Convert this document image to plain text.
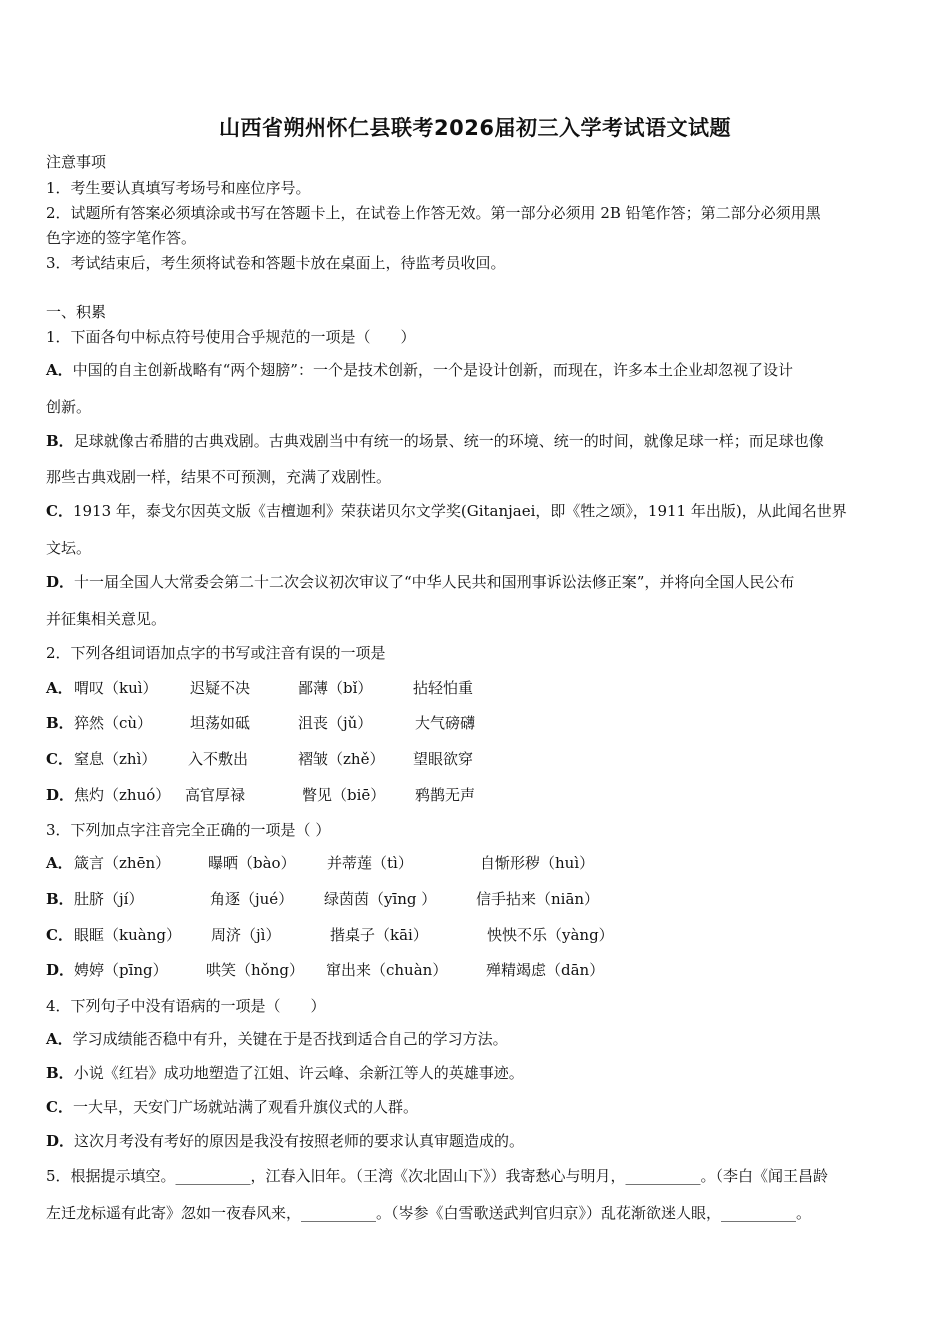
山西省朔州怀仁县联考2026届初三入学考试语文试题
注意事项
1．考生要认真填写考场号和座位序号。
2．试题所有答案必须填涂或书写在答题卡上，在试卷上作答无效。第一部分必须用 2B 铅笔作答；第二部分必须用黑
色字迹的签字笔作答。
3．考试结束后，考生须将试卷和答题卡放在桌面上，待监考员收回。
一、积累
1．下面各句中标点符号使用合乎规范的一项是（　　）
A．中国的自主创新战略有“两个翅膀”：一个是技术创新，一个是设计创新，而现在，许多本土企业却忽视了设计
创新。
B．足球就像古希腊的古典戏剧。古典戏剧当中有统一的场景、统一的环境、统一的时间，就像足球一样；而足球也像
那些古典戏剧一样，结果不可预测，充满了戏剧性。
C．1913 年，泰戈尔因英文版《吉檀迦利》荣获诺贝尔文学奖(Gitanjaei，即《牲之颂》，1911 年出版)，从此闻名世界
文坛。
D．十一届全国人大常委会第二十二次会议初次审议了“中华人民共和国刑事诉讼法修正案”，并将向全国人民公布
并征集相关意见。
2．下列各组词语加点字的书写或注音有误的一项是
A． 喟叹（kuì） 迟疑不决	鄙薄（bǐ）	拈轻怕重
B． 猝然（cù）	坦荡如砥	沮丧（jǔ）	大气磅礴
C． 窒息（zhì） 入不敷出	褶皱（zhě） 望眼欲穿
D． 焦灼（zhuó） 高官厚禄	瞥见（biē） 鸦鹊无声
3．下列加点字注音完全正确的一项是（ ）
A． 箴言（zhēn）	曝晒（bào） 并蒂莲（tì）	自惭形秽（huì）
B． 肚脐（jí）	角逐（jué） 绿茵茵（yīng ）	信手拈来（niān）
C． 眼眶（kuàng） 周济（jì）	揩桌子（kāi）	怏怏不乐（yàng）
D． 娉婷（pīng）	哄笑（hǒng） 窜出来（chuàn）	殚精竭虑（dān）
4．下列句子中没有语病的一项是（　　）
A．学习成绩能否稳中有升，关键在于是否找到适合自己的学习方法。
B．小说《红岩》成功地塑造了江姐、许云峰、余新江等人的英雄事迹。
C．一大早，天安门广场就站满了观看升旗仪式的人群。
D．这次月考没有考好的原因是我没有按照老师的要求认真审题造成的。
5．根据提示填空。__________，江春入旧年。（王湾《次北固山下》）我寄愁心与明月，__________。（李白《闻王昌龄
左迁龙标遥有此寄》忽如一夜春风来，__________。（岑参《白雪歌送武判官归京》）乱花渐欲迷人眼，__________。
